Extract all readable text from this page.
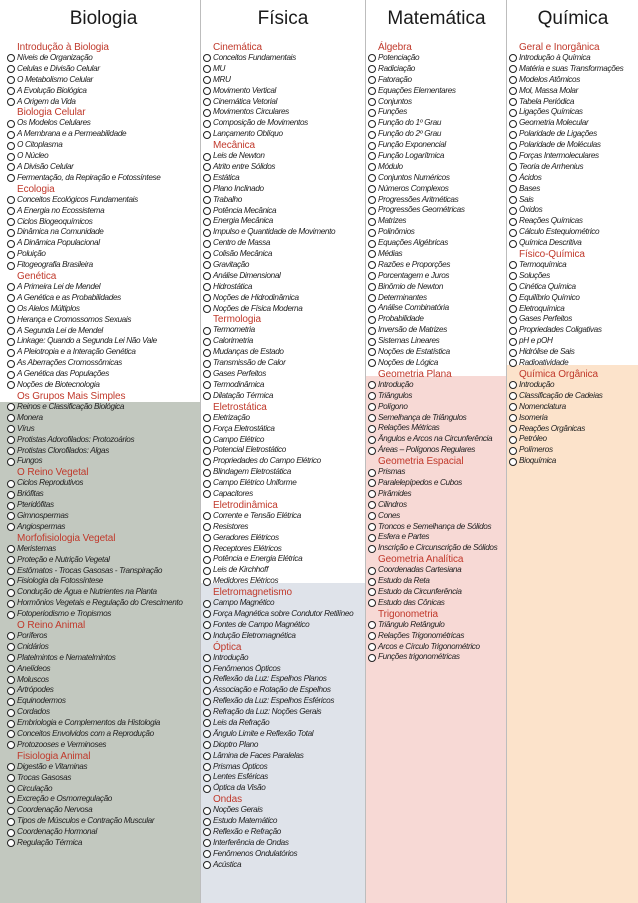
Biologia
Introdução à Biologia
Níveis de Organização
Celulas e Divisão Celular
O Metabolismo Celular
A Evolução Biológica
A Origem da Vida
Biologia Celular
Os Modelos Celulares
A Membrana e a Permeabilidade
O Citoplasma
O Núcleo
A Divisão Celular
Fermentação, da Repiração e Fotossíntese
Ecologia
Conceitos Ecológicos Fundamentais
A Energia no Ecossistema
Ciclos Biogeoquímicos
Dinâmica na Comunidade
A Dinâmica Populacional
Poluição
Fitogeografia Brasileira
Genética
A Primeira Lei de Mendel
A Genética e as Probabilidades
Os Alelos Múltiplos
Herança e Cromossomos Sexuais
A Segunda Lei de Mendel
Linkage: Quando a Segunda Lei Não Vale
A Pleiotropia e a Interação Genética
As Aberrações Cromossômicas
A Genética das Populações
Noções de Biotecnologia
Os Grupos Mais Simples
Reinos e Classificação Biológica
Monera
Vírus
Protistas Adorofilados: Protozoários
Protistas Clorofilados: Algas
Fungos
O Reino Vegetal
Ciclos Reprodutivos
Briófitas
Pteridófitas
Gimnospermas
Angiospermas
Morfofisiologia Vegetal
Meristemas
Proteção e Nutrição Vegetal
Estômatos - Trocas Gasosas - Transpiração
Fisiologia da Fotossíntese
Condução de Água e Nutrientes na Planta
Hormônios Vegetais e Regulação do Crescimento
Fotoperiodismo e Tropismos
O Reino Animal
Poríferos
Cnidários
Platelmintos e Nematelmintos
Anelídeos
Moluscos
Artrópodes
Equinodermos
Cordados
Embriologia e Complementos da Histologia
Conceitos Envolvidos com a Reprodução
Protozooses e Verminoses
Fisiologia Animal
Digestão e Vitaminas
Trocas Gasosas
Circulação
Excreção e Osmorregulação
Coordenação Nervosa
Tipos de Músculos e Contração Muscular
Coordenação Hormonal
Regulação Térmica
Física
Cinemática
Conceitos Fundamentais
MU
MRU
Movimento Vertical
Cinemática Vetorial
Movimentos Circulares
Composição de Movimentos
Lançamento Oblíquo
Mecânica
Leis de Newton
Atrito entre Sólidos
Estática
Plano Inclinado
Trabalho
Potência Mecânica
Energia Mecânica
Impulso e Quantidade de Movimento
Centro de Massa
Colisão Mecânica
Gravitação
Análise Dimensional
Hidrostática
Noções de Hidrodinâmica
Noções de Física Moderna
Termologia
Termometria
Calorimetria
Mudanças de Estado
Transmissão de Calor
Gases Perfeitos
Termodinâmica
Dilatação Térmica
Eletrostática
Eletrização
Força Eletrostática
Campo Elétrico
Potencial Eletrostático
Propriedades do Campo Elétrico
Blindagem Eletrostática
Campo Elétrico Uniforme
Capacitores
Eletrodinâmica
Corrente e Tensão Elétrica
Resistores
Geradores Elétricos
Receptores Elétricos
Potência e Energia Elétrica
Leis de Kirchhoff
Medidores Elétricos
Eletromagnetismo
Campo Magnético
Força Magnética sobre Condutor Retilíneo
Fontes de Campo Magnético
Indução Eletromagnética
Óptica
Introdução
Fenômenos Ópticos
Reflexão da Luz: Espelhos Planos
Associação e Rotação de Espelhos
Reflexão da Luz: Espelhos Esféricos
Refração da Luz: Noções Gerais
Leis da Refração
Ângulo Limite e Reflexão Total
Dioptro Plano
Lâmina de Faces Paralelas
Prismas Ópticos
Lentes Esféricas
Óptica da Visão
Ondas
Noções Gerais
Estudo Matemático
Reflexão e Refração
Interferência de Ondas
Fenômenos Ondulatórios
Acústica
Matemática
Álgebra
Potenciação
Radiciação
Fatoração
Equações Elementares
Conjuntos
Funções
Função do 1º Grau
Função do 2º Grau
Função Exponencial
Função Logarítmica
Módulo
Conjuntos Numéricos
Números Complexos
Progressões Aritméticas
Progressões Geométricas
Matrizes
Polinômios
Equações Algébricas
Médias
Razões e Proporções
Porcentagem e Juros
Binômio de Newton
Determinantes
Análise Combinatória
Probabilidade
Inversão de Matrizes
Sistemas Lineares
Noções de Estatística
Noções de Lógica
Geometria Plana
Introdução
Triângulos
Polígono
Semelhança de Triângulos
Relações Métricas
Ângulos e Arcos na Circunferência
Áreas – Polígonos Regulares
Geometria Espacial
Prismas
Paralelepípedos e Cubos
Pirâmides
Cilindros
Cones
Troncos e Semelhança de Sólidos
Esfera e Partes
Inscrição e Circunscrição de Sólidos
Geometria Analítica
Coordenadas Cartesiana
Estudo da Reta
Estudo da Circunferência
Estudo das Cônicas
Trigonometria
Triângulo Retângulo
Relações Trigonométricas
Arcos e Círculo Trigonométrico
Funções trigonométricas
Química
Geral e Inorgânica
Introdução à Química
Matéria e suas Transformações
Modelos Atômicos
Mol, Massa Molar
Tabela Periódica
Ligações Químicas
Geometria Molecular
Polaridade de Ligações
Polaridade de Moléculas
Forças Intermoleculares
Teoria de Arrhenius
Ácidos
Bases
Sais
Óxidos
Reações Químicas
Cálculo Estequiométrico
Química Descritiva
Físico-Química
Termoquímica
Soluções
Cinética Química
Equilíbrio Químico
Eletroquímica
Gases Perfeitos
Propriedades Coligativas
pH e pOH
Hidrólise de Sais
Radioatividade
Química Orgânica
Introdução
Classificação de Cadeias
Nomenclatura
Isomeria
Reações Orgânicas
Petróleo
Polímeros
Bioquímica
